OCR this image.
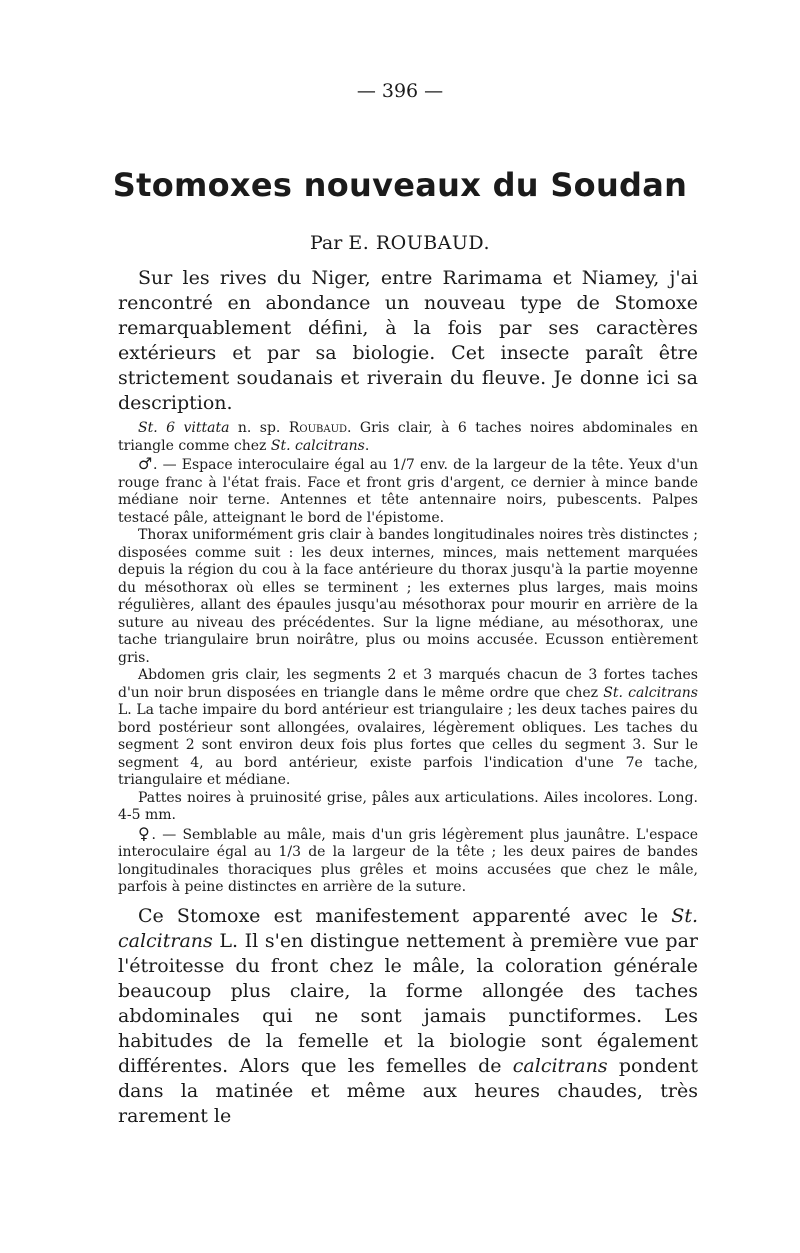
— 396 —
Stomoxes nouveaux du Soudan
Par E. ROUBAUD.

Sur les rives du Niger, entre Rarimama et Niamey, j'ai rencontré en abondance un nouveau type de Stomoxe remarquablement défini, à la fois par ses caractères extérieurs et par sa biologie. Cet insecte paraît être strictement soudanais et riverain du fleuve. Je donne ici sa description.

St. 6 vittata n. sp. Roubaud. Gris clair, à 6 taches noires abdominales en triangle comme chez St. calcitrans.
♂. — Espace interoculaire égal au 1/7 env. de la largeur de la tête. Yeux d'un rouge franc à l'état frais. Face et front gris d'argent, ce dernier à mince bande médiane noir terne. Antennes et tête antennaire noirs, pubescents. Palpes testacé pâle, atteignant le bord de l'épistome.
Thorax uniformément gris clair à bandes longitudinales noires très distinctes ; disposées comme suit : les deux internes, minces, mais nettement marquées depuis la région du cou à la face antérieure du thorax jusqu'à la partie moyenne du mésothorax où elles se terminent ; les externes plus larges, mais moins régulières, allant des épaules jusqu'au mésothorax pour mourir en arrière de la suture au niveau des précédentes. Sur la ligne médiane, au mésothorax, une tache triangulaire brun noirâtre, plus ou moins accusée. Ecusson entièrement gris.
Abdomen gris clair, les segments 2 et 3 marqués chacun de 3 fortes taches d'un noir brun disposées en triangle dans le même ordre que chez St. calcitrans L. La tache impaire du bord antérieur est triangulaire ; les deux taches paires du bord postérieur sont allongées, ovalaires, légèrement obliques. Les taches du segment 2 sont environ deux fois plus fortes que celles du segment 3. Sur le segment 4, au bord antérieur, existe parfois l'indication d'une 7e tache, triangulaire et médiane.
Pattes noires à pruinosité grise, pâles aux articulations. Ailes incolores. Long. 4-5 mm.
♀. — Semblable au mâle, mais d'un gris légèrement plus jaunâtre. L'espace interoculaire égal au 1/3 de la largeur de la tête ; les deux paires de bandes longitudinales thoraciques plus grêles et moins accusées que chez le mâle, parfois à peine distinctes en arrière de la suture.

Ce Stomoxe est manifestement apparenté avec le St. calcitrans L. Il s'en distingue nettement à première vue par l'étroitesse du front chez le mâle, la coloration générale beaucoup plus claire, la forme allongée des taches abdominales qui ne sont jamais punctiformes. Les habitudes de la femelle et la biologie sont également différentes. Alors que les femelles de calcitrans pondent dans la matinée et même aux heures chaudes, très rarement le
